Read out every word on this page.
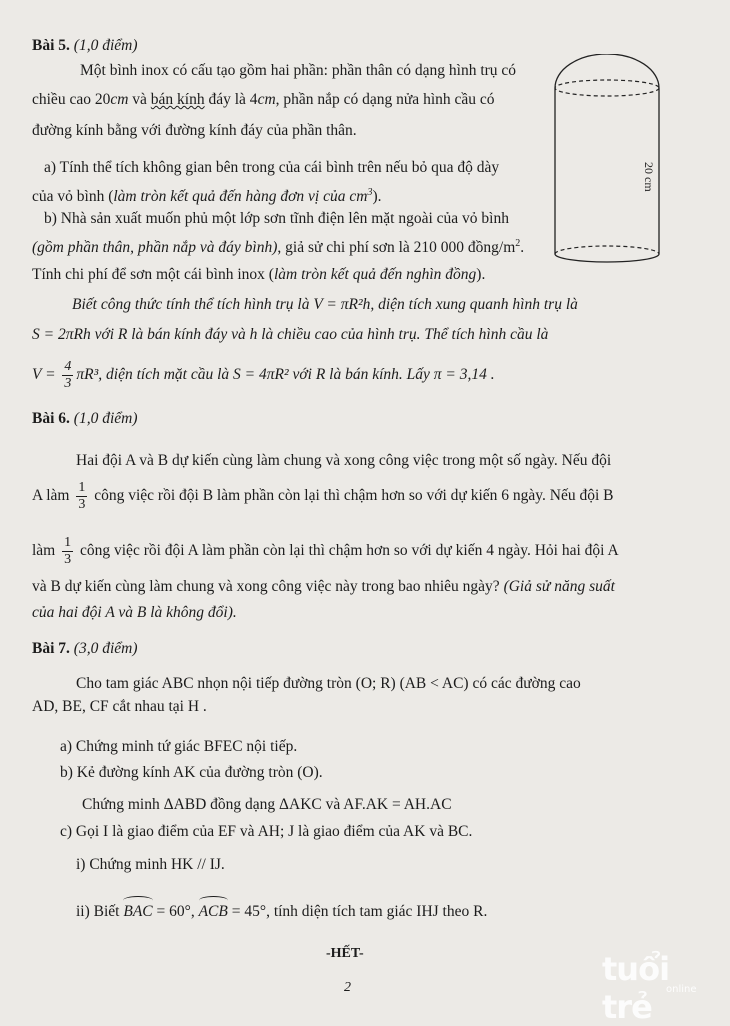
Bài 5. (1,0 điểm)
Một bình inox có cấu tạo gồm hai phần: phần thân có dạng hình trụ có
chiều cao 20cm và bán kính đáy là 4cm, phần nắp có dạng nửa hình cầu có
đường kính bằng với đường kính đáy của phần thân.
a) Tính thể tích không gian bên trong của cái bình trên nếu bỏ qua độ dày
của vỏ bình (làm tròn kết quả đến hàng đơn vị của $cm^3$).
b) Nhà sản xuất muốn phủ một lớp sơn tĩnh điện lên mặt ngoài của vỏ bình
(gồm phần thân, phần nắp và đáy bình), giả sử chi phí sơn là 210 000 đồng/$m^2$.
Tính chi phí để sơn một cái bình inox (làm tròn kết quả đến nghìn đồng).
Biết công thức tính thể tích hình trụ là V = πR²h, diện tích xung quanh hình trụ là
S = 2πRh với R là bán kính đáy và h là chiều cao của hình trụ. Thể tích hình cầu là
$V = \frac{4}{3} \pi R^3$, diện tích mặt cầu là S = 4πR² với R là bán kính. Lấy π = 3,14 .
20 cm
Bài 6. (1,0 điểm)
Hai đội A và B dự kiến cùng làm chung và xong công việc trong một số ngày. Nếu đội
A làm $\frac{1}{3}$ công việc rồi đội B làm phần còn lại thì chậm hơn so với dự kiến 6 ngày. Nếu đội B
làm $\frac{1}{3}$ công việc rồi đội A làm phần còn lại thì chậm hơn so với dự kiến 4 ngày. Hỏi hai đội A
và B dự kiến cùng làm chung và xong công việc này trong bao nhiêu ngày? (Giả sử năng suất
của hai đội A và B là không đổi).
Bài 7. (3,0 điểm)
Cho tam giác ABC nhọn nội tiếp đường tròn (O; R) (AB < AC) có các đường cao
AD, BE, CF cắt nhau tại H .
a) Chứng minh tứ giác BFEC nội tiếp.
b) Kẻ đường kính AK của đường tròn (O).
Chứng minh ΔABD đồng dạng ΔAKC và AF.AK = AH.AC
c) Gọi I là giao điểm của EF và AH; J là giao điểm của AK và BC.
i) Chứng minh HK // IJ.
ii) Biết BAC = 60°, ACB = 45°, tính diện tích tam giác IHJ theo R.
-HẾT-
2	tuổi trẻ	online
